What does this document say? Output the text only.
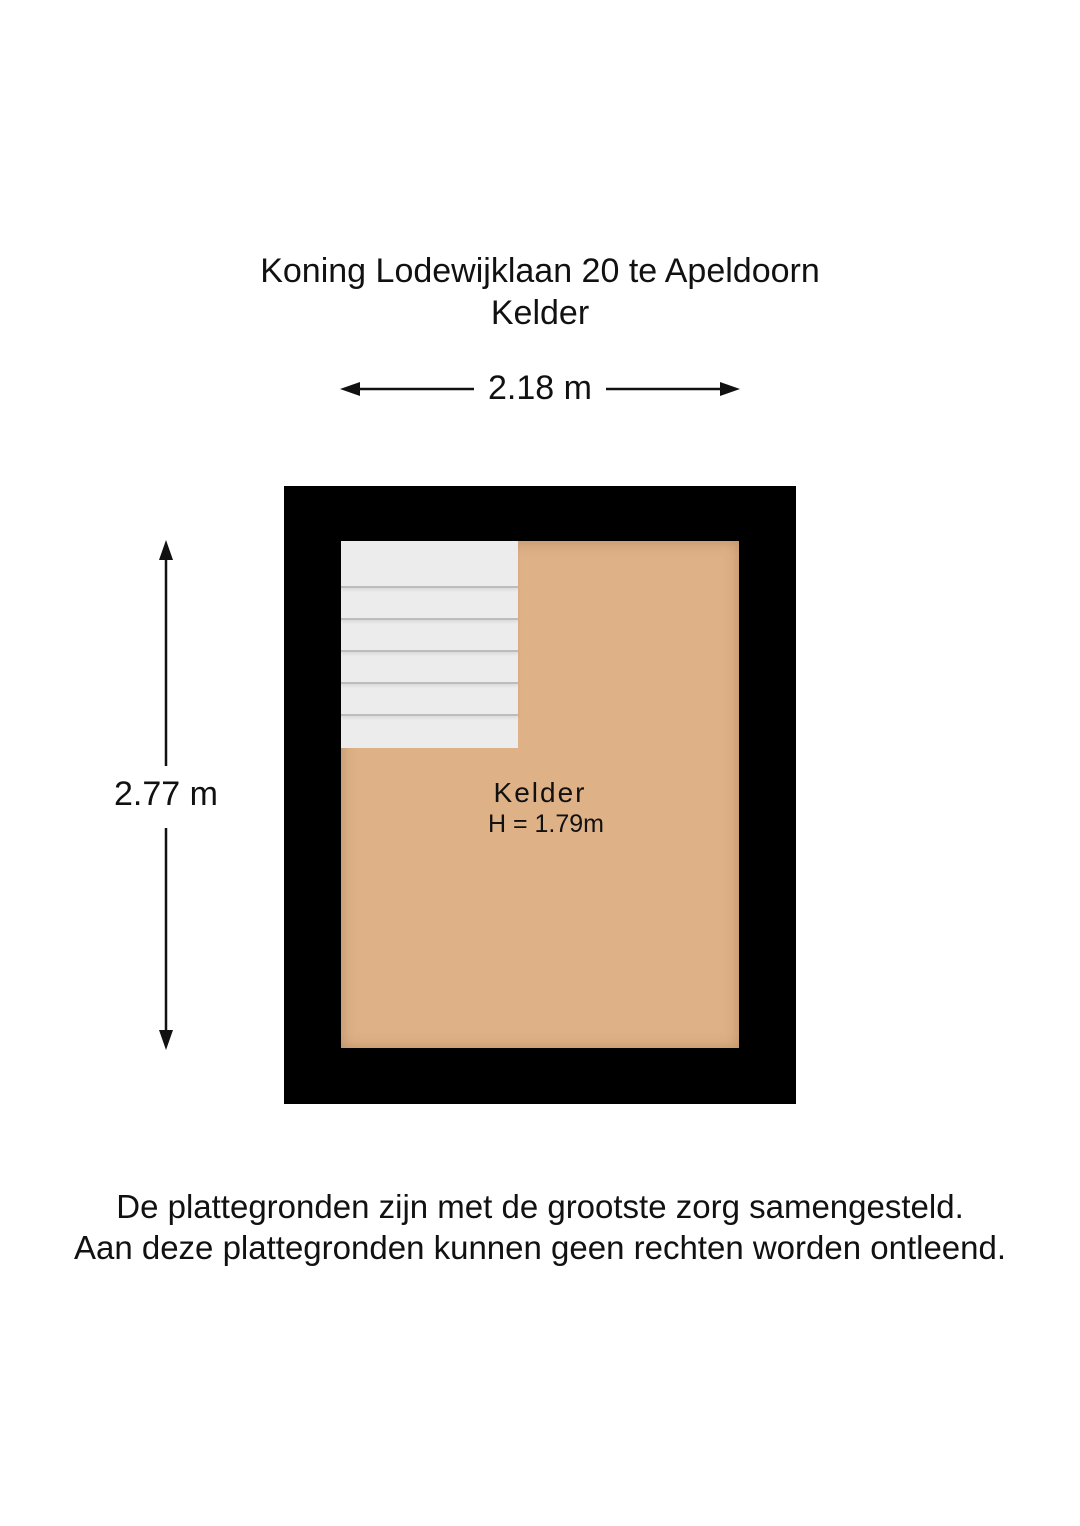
Koning Lodewijklaan 20 te Apeldoorn
Kelder
2.18 m
2.77 m	Kelder
H = 1.79m
De plattegronden zijn met de grootste zorg samengesteld.
Aan deze plattegronden kunnen geen rechten worden ontleend.
